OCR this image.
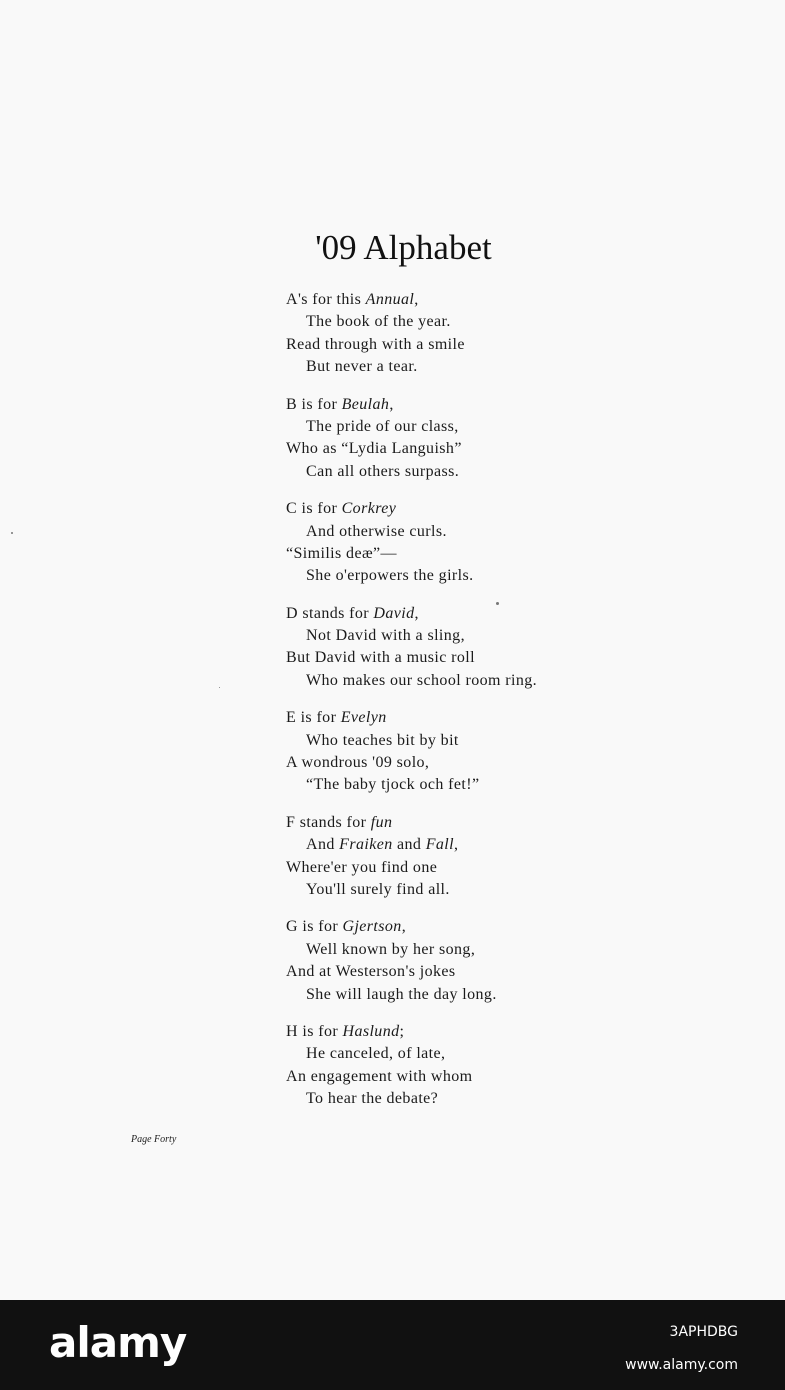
'09 Alphabet
A's for this Annual,
The book of the year.
Read through with a smile
But never a tear.
B is for Beulah,
The pride of our class,
Who as “Lydia Languish”
Can all others surpass.
C is for Corkrey
And otherwise curls.
“Similis deæ”—
She o'erpowers the girls.
D stands for David,
Not David with a sling,
But David with a music roll
Who makes our school room ring.
E is for Evelyn
Who teaches bit by bit
A wondrous '09 solo,
“The baby tjock och fet!”
F stands for fun
And Fraiken and Fall,
Where'er you find one
You'll surely find all.
G is for Gjertson,
Well known by her song,
And at Westerson's jokes
She will laugh the day long.
H is for Haslund;
He canceled, of late,
An engagement with whom
To hear the debate?
Page Forty
alamy	3APHDBG
www.alamy.com
